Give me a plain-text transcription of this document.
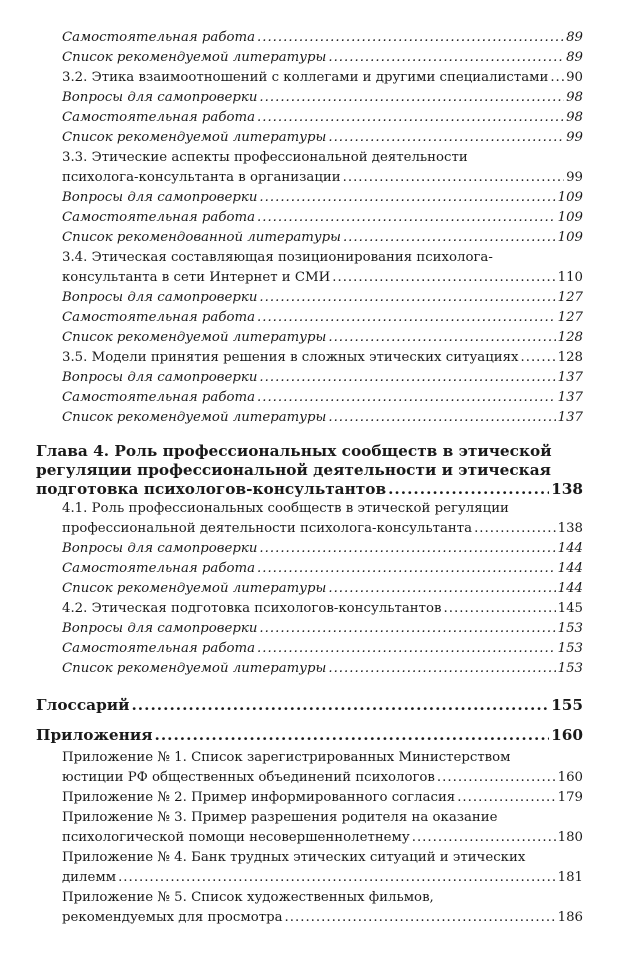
Самостоятельная работа .....	89
Список рекомендуемой литературы .....	89
3.2. Этика взаимоотношений с коллегами и другими специалистами ..... 90
Вопросы для самопроверки .....	98
Самостоятельная работа .....	98
Список рекомендуемой литературы .....	99
3.3. Этические аспекты профессиональной деятельности
психолога-консультанта в организации .....	99
Вопросы для самопроверки .....	109
Самостоятельная работа .....	109
Список рекомендованной литературы .....	109
3.4. Этическая составляющая позиционирования психолога-
консультанта в сети Интернет и СМИ .....	110
Вопросы для самопроверки .....	127
Самостоятельная работа .....	127
Список рекомендуемой литературы .....	128
3.5. Модели принятия решения в сложных этических ситуациях .....	128
Вопросы для самопроверки .....	137
Самостоятельная работа .....	137
Список рекомендуемой литературы .....	137
Глава 4. Роль профессиональных сообществ в этической
регуляции профессиональной деятельности и этическая
подготовка психологов-консультантов .....	138
4.1. Роль профессиональных сообществ в этической регуляции
профессиональной деятельности психолога-консультанта .....	138
Вопросы для самопроверки .....	144
Самостоятельная работа .....	144
Список рекомендуемой литературы .....	144
4.2. Этическая подготовка психологов-консультантов .....	145
Вопросы для самопроверки .....	153
Самостоятельная работа .....	153
Список рекомендуемой литературы .....	153
Глоссарий .....	155
Приложения .....	160
Приложение № 1. Список зарегистрированных Министерством
юстиции РФ общественных объединений психологов .....	160
Приложение № 2. Пример информированного согласия .....	179
Приложение № 3. Пример разрешения родителя на оказание
психологической помощи несовершеннолетнему .....	180
Приложение № 4. Банк трудных этических ситуаций и этических
дилемм .....	181
Приложение № 5. Список художественных фильмов,
рекомендуемых для просмотра .....	186
